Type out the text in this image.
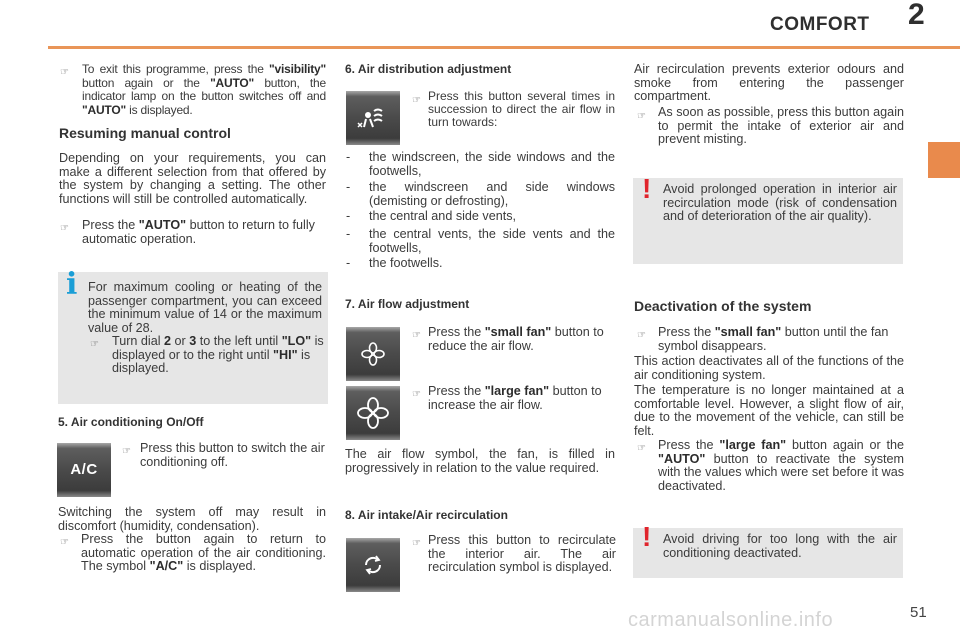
COMFORT 2
☞ To exit this programme, press the "visibility" button again or the "AUTO" button, the indicator lamp on the button switches off and "AUTO" is displayed.

Resuming manual control

Depending on your requirements, you can make a different selection from that offered by the system by changing a setting. The other functions will still be controlled automatically.

☞ Press the "AUTO" button to return to fully automatic operation.

i For maximum cooling or heating of the passenger compartment, you can exceed the minimum value of 14 or the maximum value of 28.

☞ Turn dial 2 or 3 to the left until "LO" is displayed or to the right until "HI" is displayed.

5. Air conditioning On/Off
A/C
☞ Press this button to switch the air conditioning off.

Switching the system off may result in discomfort (humidity, condensation).

☞ Press the button again to return to automatic operation of the air conditioning. The symbol "A/C" is displayed.

6. Air distribution adjustment
☞ Press this button several times in succession to direct the air flow in turn towards:

- the windscreen, the side windows and the footwells,

- the windscreen and side windows (demisting or defrosting),

- the central and side vents,

- the central vents, the side vents and the footwells,

- the footwells.

7. Air flow adjustment
☞ Press the "small fan" button to reduce the air flow.

☞ Press the "large fan" button to increase the air flow.

The air flow symbol, the fan, is filled in progressively in relation to the value required.

8. Air intake/Air recirculation
☞ Press this button to recirculate the interior air. The air recirculation symbol is displayed.

Air recirculation prevents exterior odours and smoke from entering the passenger compartment.

☞ As soon as possible, press this button again to permit the intake of exterior air and prevent misting.

! Avoid prolonged operation in interior air recirculation mode (risk of condensation and of deterioration of the air quality).

Deactivation of the system
☞ Press the "small fan" button until the fan symbol disappears.

This action deactivates all of the functions of the air conditioning system.

The temperature is no longer maintained at a comfortable level. However, a slight flow of air, due to the movement of the vehicle, can still be felt.

☞ Press the "large fan" button again or the "AUTO" button to reactivate the system with the values which were set before it was deactivated.

! Avoid driving for too long with the air conditioning deactivated.

51
carmanualsonline.info
